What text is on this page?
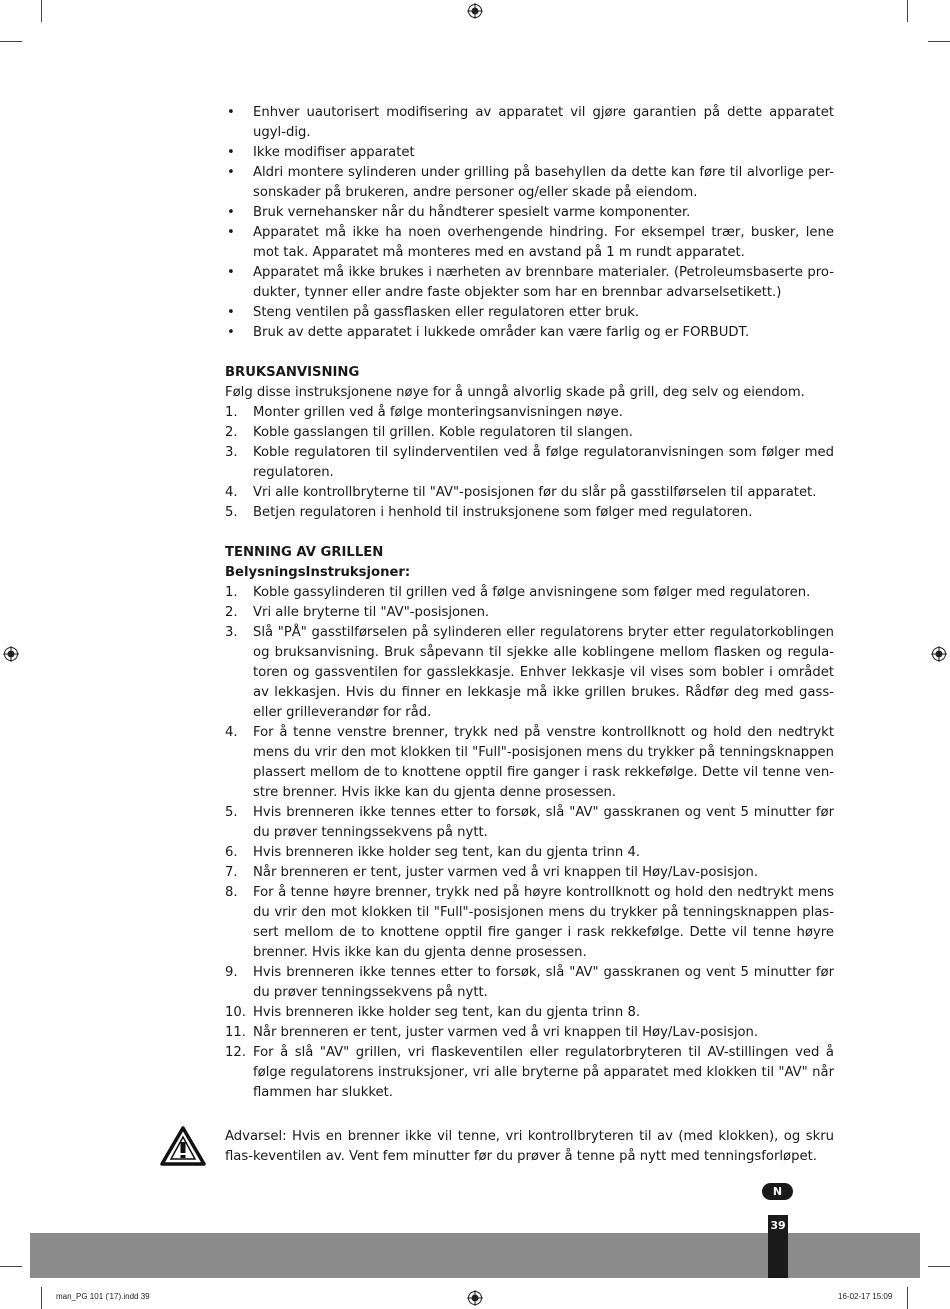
•	Enhver uautorisert modifisering av apparatet vil gjøre garantien på dette apparatet ugyl-dig.
•	Ikke modifiser apparatet
•	Aldri montere sylinderen under grilling på basehyllen da dette kan føre til alvorlige per-sonskader på brukeren, andre personer og/eller skade på eiendom.
•	Bruk vernehansker når du håndterer spesielt varme komponenter.
•	Apparatet må ikke ha noen overhengende hindring. For eksempel trær, busker, lene mot tak. Apparatet må monteres med en avstand på 1 m rundt apparatet.
•	Apparatet må ikke brukes i nærheten av brennbare materialer. (Petroleumsbaserte pro-dukter, tynner eller andre faste objekter som har en brennbar advarselsetikett.)
•	Steng ventilen på gassflasken eller regulatoren etter bruk.
•	Bruk av dette apparatet i lukkede områder kan være farlig og er FORBUDT.
BRUKSANVISNING
Følg disse instruksjonene nøye for å unngå alvorlig skade på grill, deg selv og eiendom.
1.	Monter grillen ved å følge monteringsanvisningen nøye.
2.	Koble gasslangen til grillen. Koble regulatoren til slangen.
3.	Koble regulatoren til sylinderventilen ved å følge regulatoranvisningen som følger med regulatoren.
4.	Vri alle kontrollbryterne til "AV"-posisjonen før du slår på gasstilførselen til apparatet.
5.	Betjen regulatoren i henhold til instruksjonene som følger med regulatoren.
TENNING AV GRILLEN
BelysningsInstruksjoner:
1.	Koble gassylinderen til grillen ved å følge anvisningene som følger med regulatoren.
2.	Vri alle bryterne til "AV"-posisjonen.
3.	Slå "PÅ" gasstilførselen på sylinderen eller regulatorens bryter etter regulatorkoblingen og bruksanvisning. Bruk såpevann til sjekke alle koblingene mellom flasken og regula-toren og gassventilen for gasslekkasje. Enhver lekkasje vil vises som bobler i området av lekkasjen. Hvis du finner en lekkasje må ikke grillen brukes. Rådfør deg med gass- eller grilleverandør for råd.
4.	For å tenne venstre brenner, trykk ned på venstre kontrollknott og hold den nedtrykt mens du vrir den mot klokken til "Full"-posisjonen mens du trykker på tenningsknappen plassert mellom de to knottene opptil fire ganger i rask rekkefølge. Dette vil tenne ven-stre brenner. Hvis ikke kan du gjenta denne prosessen.
5.	Hvis brenneren ikke tennes etter to forsøk, slå "AV" gasskranen og vent 5 minutter før du prøver tenningssekvens på nytt.
6.	Hvis brenneren ikke holder seg tent, kan du gjenta trinn 4.
7.	Når brenneren er tent, juster varmen ved å vri knappen til Høy/Lav-posisjon.
8.	For å tenne høyre brenner, trykk ned på høyre kontrollknott og hold den nedtrykt mens du vrir den mot klokken til "Full"-posisjonen mens du trykker på tenningsknappen plas-sert mellom de to knottene opptil fire ganger i rask rekkefølge. Dette vil tenne høyre brenner. Hvis ikke kan du gjenta denne prosessen.
9.	Hvis brenneren ikke tennes etter to forsøk, slå "AV" gasskranen og vent 5 minutter før du prøver tenningssekvens på nytt.
10. Hvis brenneren ikke holder seg tent, kan du gjenta trinn 8.
11. Når brenneren er tent, juster varmen ved å vri knappen til Høy/Lav-posisjon.
12. For å slå "AV" grillen, vri flaskeventilen eller regulatorbryteren til AV-stillingen ved å følge regulatorens instruksjoner, vri alle bryterne på apparatet med klokken til "AV" når flammen har slukket.
Advarsel: Hvis en brenner ikke vil tenne, vri kontrollbryteren til av (med klokken), og skru flas-keventilen av. Vent fem minutter før du prøver å tenne på nytt med tenningsforløpet.
N
39
man_PG 101 ('17).indd 39	16-02-17 15:09
